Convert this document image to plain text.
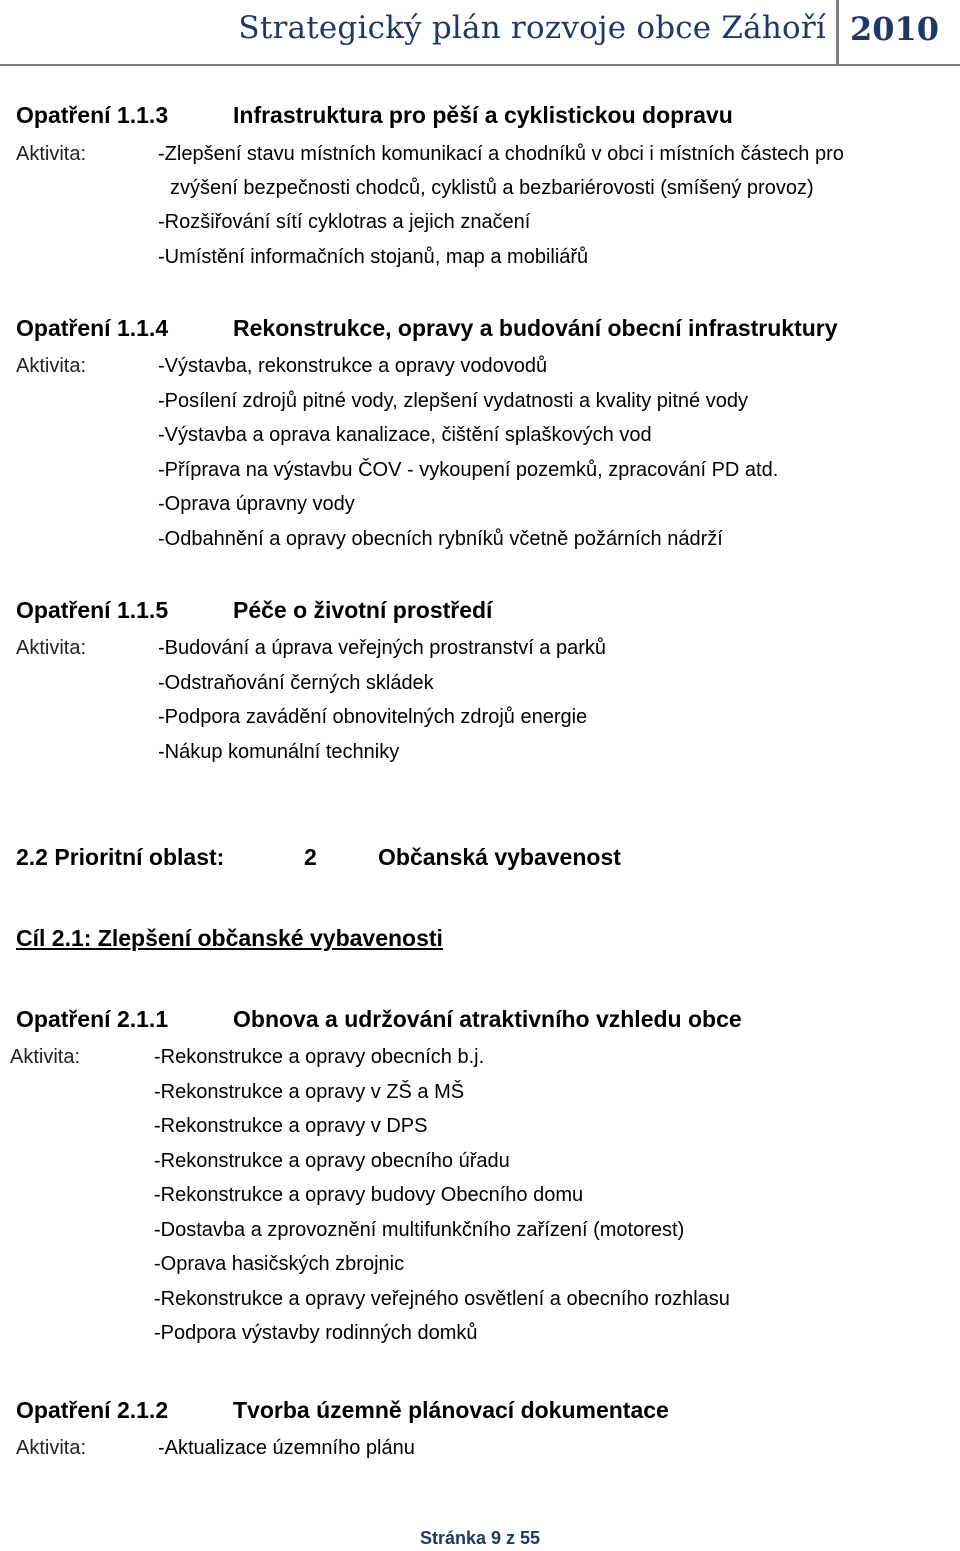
Strategický plán rozvoje obce Záhoří 2010
Opatření 1.1.3	Infrastruktura pro pěší a cyklistickou dopravu
Aktivita:	-Zlepšení stavu místních komunikací a chodníků v obci i místních částech pro
zvýšení bezpečnosti chodců, cyklistů a bezbariérovosti (smíšený provoz)
-Rozšiřování sítí cyklotras a jejich značení
-Umístění informačních stojanů, map a mobiliářů
Opatření 1.1.4	Rekonstrukce, opravy a budování obecní infrastruktury
Aktivita:	-Výstavba, rekonstrukce a opravy vodovodů
-Posílení zdrojů pitné vody, zlepšení vydatnosti a kvality pitné vody
-Výstavba a oprava kanalizace, čištění splaškových vod
-Příprava na výstavbu ČOV - vykoupení pozemků, zpracování PD atd.
-Oprava úpravny vody
-Odbahnění a opravy obecních rybníků včetně požárních nádrží
Opatření 1.1.5	Péče o životní prostředí
Aktivita:	-Budování a úprava veřejných prostranství a parků
-Odstraňování černých skládek
-Podpora zavádění obnovitelných zdrojů energie
-Nákup komunální techniky
2.2 Prioritní oblast:	2	Občanská vybavenost
Cíl 2.1: Zlepšení občanské vybavenosti
Opatření 2.1.1	Obnova a udržování atraktivního vzhledu obce
Aktivita:	-Rekonstrukce a opravy obecních b.j.
-Rekonstrukce a opravy v ZŠ a MŠ
-Rekonstrukce a opravy v DPS
-Rekonstrukce a opravy obecního úřadu
-Rekonstrukce a opravy budovy Obecního domu
-Dostavba a zprovoznění multifunkčního zařízení (motorest)
-Oprava hasičských zbrojnic
-Rekonstrukce a opravy veřejného osvětlení a obecního rozhlasu
-Podpora výstavby rodinných domků
Opatření 2.1.2	Tvorba územně plánovací dokumentace
Aktivita:	-Aktualizace územního plánu
Stránka 9 z 55
